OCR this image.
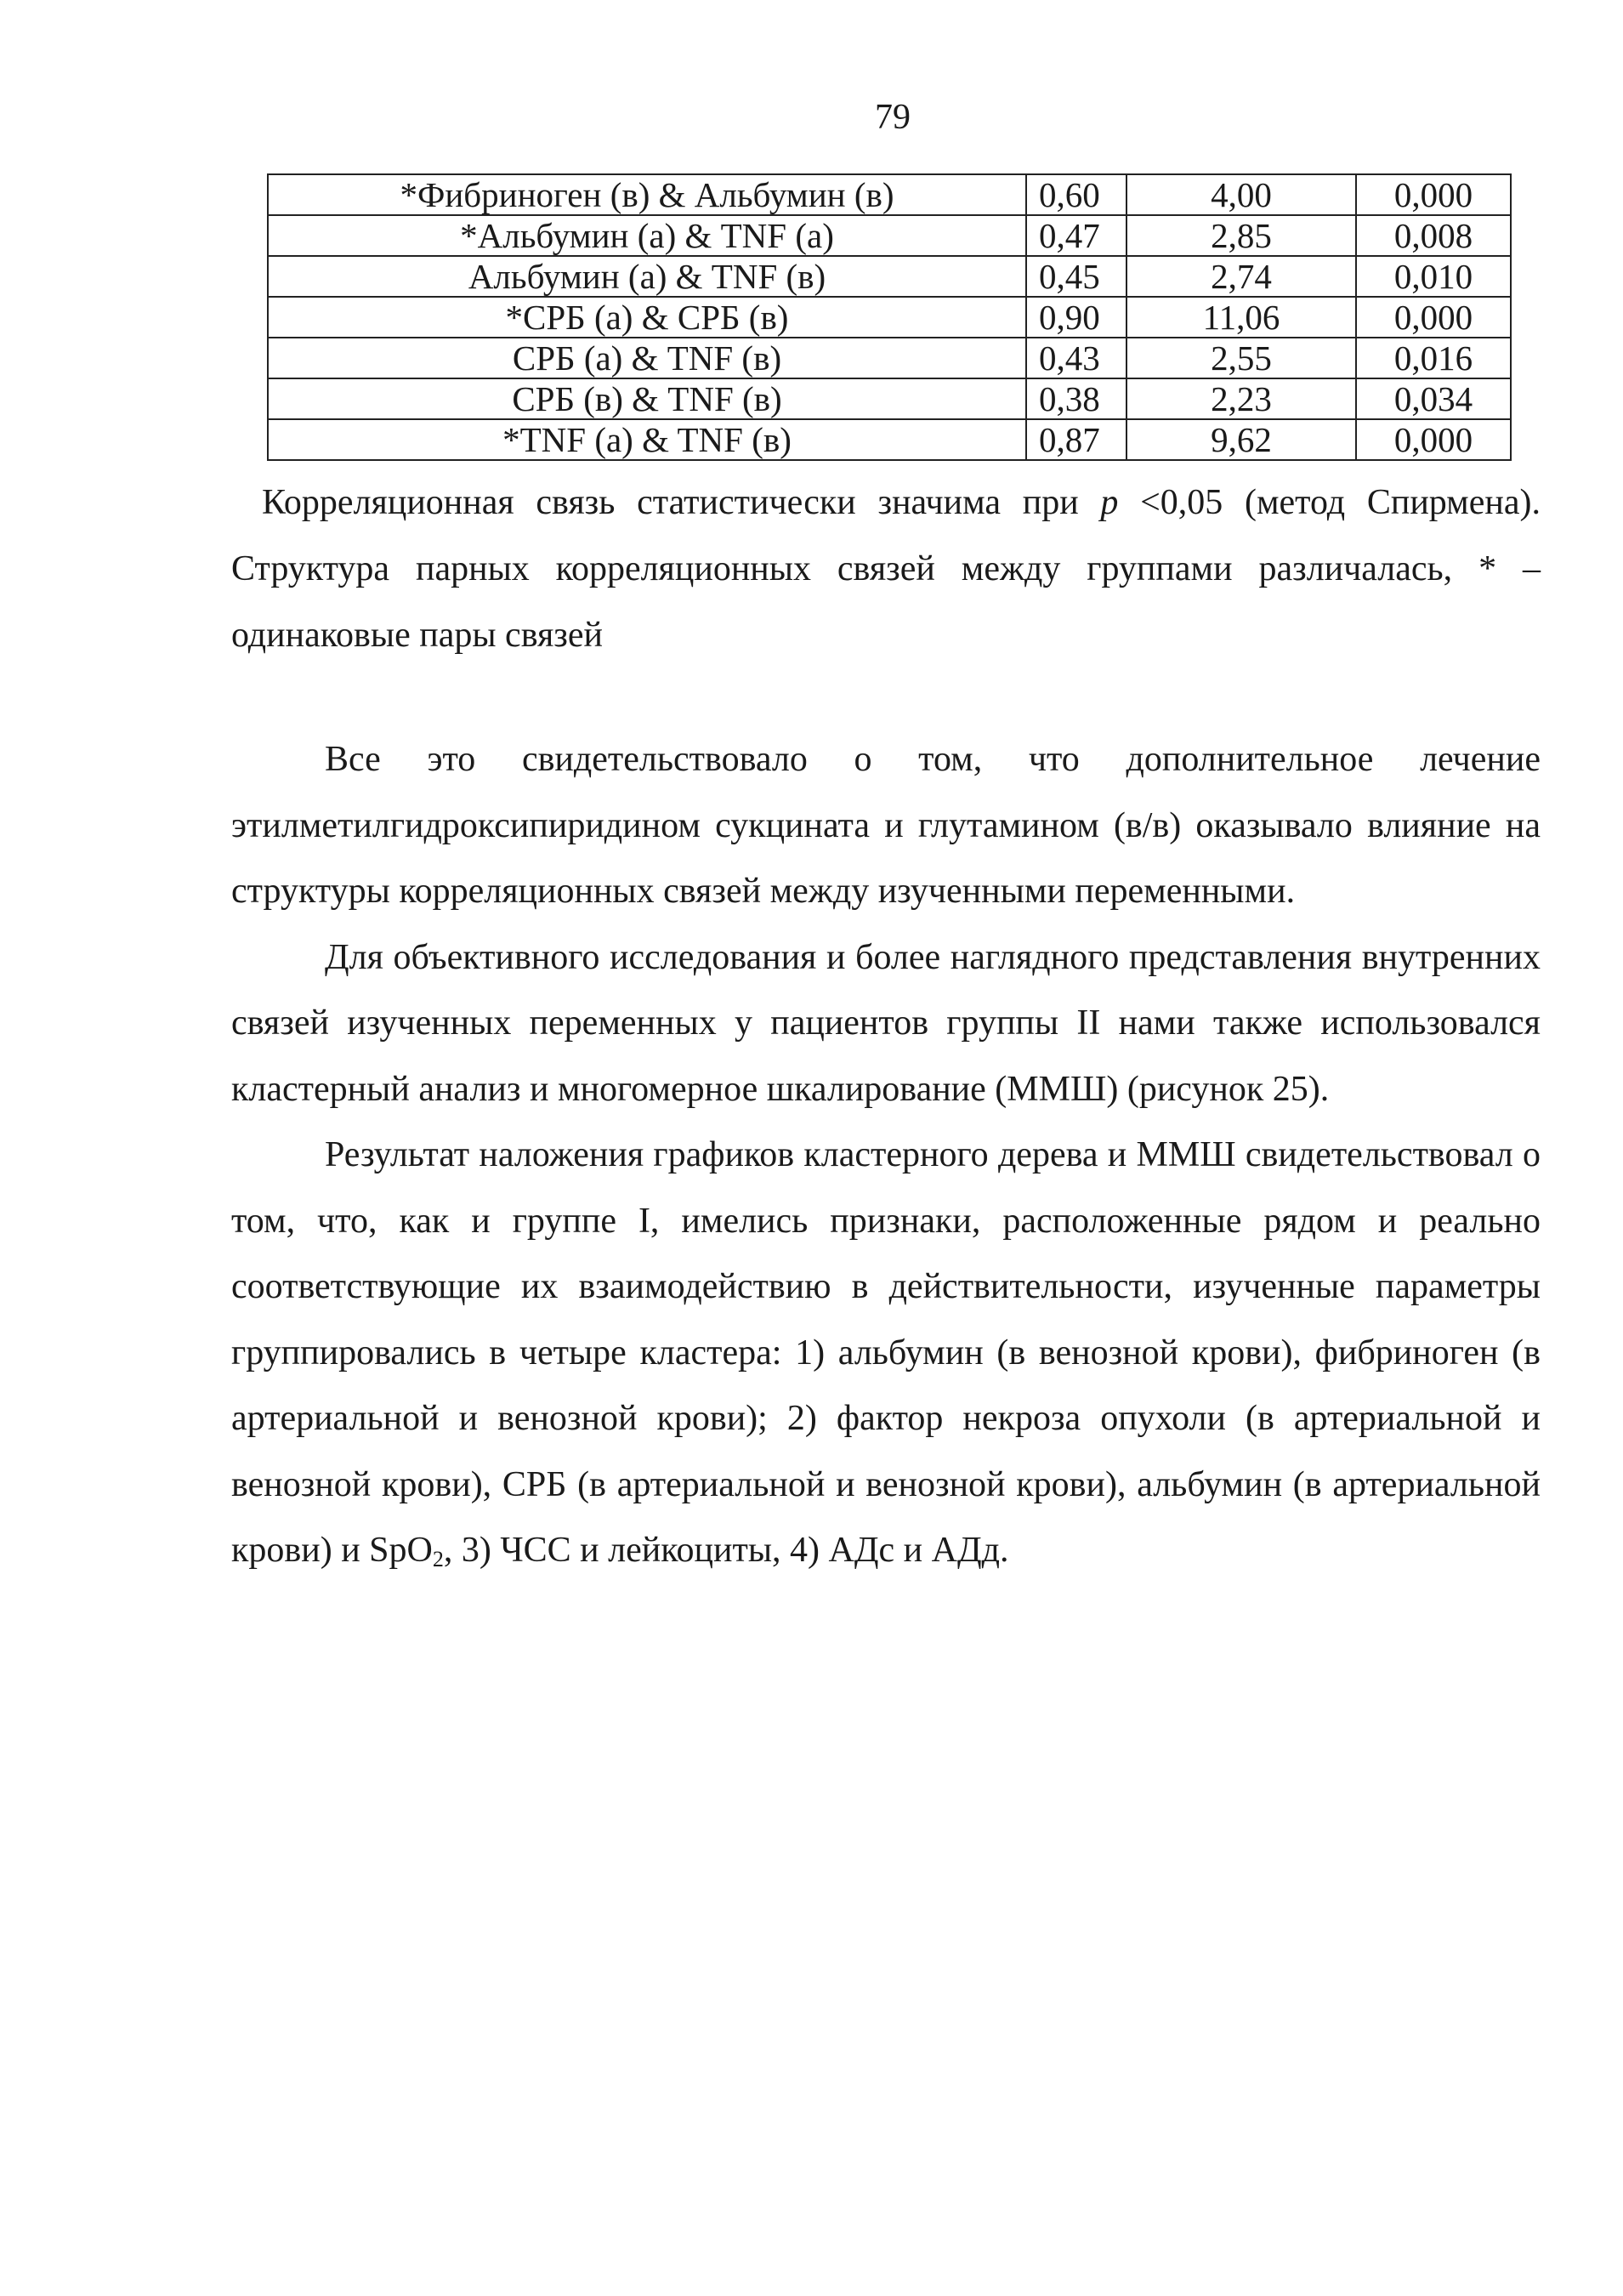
79
*Фибриноген (в) & Альбумин (в)	0,60	4,00	0,000
*Альбумин (а) & TNF (а)	0,47	2,85	0,008
Альбумин (а) & TNF (в)	0,45	2,74	0,010
*СРБ (а) & СРБ (в)	0,90	11,06	0,000
СРБ (а) & TNF (в)	0,43	2,55	0,016
СРБ (в) & TNF (в)	0,38	2,23	0,034
*TNF (а) & TNF (в)	0,87	9,62	0,000
Корреляционная связь статистически значима при p <0,05 (метод Спирмена).
Структура парных корреляционных связей между группами различалась, * – одинаковые пары связей

Все это свидетельствовало о том, что дополнительное лечение этилметилгидроксипиридином сукцината и глутамином (в/в) оказывало влияние на структуры корреляционных связей между изученными переменными.

Для объективного исследования и более наглядного представления внутренних связей изученных переменных у пациентов группы II нами также использовался кластерный анализ и многомерное шкалирование (ММШ) (рисунок 25).

Результат наложения графиков кластерного дерева и ММШ свидетельствовал о том, что, как и группе I, имелись признаки, расположенные рядом и реально соответствующие их взаимодействию в действительности, изученные параметры группировались в четыре кластера: 1) альбумин (в венозной крови), фибриноген (в артериальной и венозной крови); 2) фактор некроза опухоли (в артериальной и венозной крови), СРБ (в артериальной и венозной крови), альбумин (в артериальной крови) и SpO$_2$, 3) ЧСС и лейкоциты, 4) АДс и АДд.
